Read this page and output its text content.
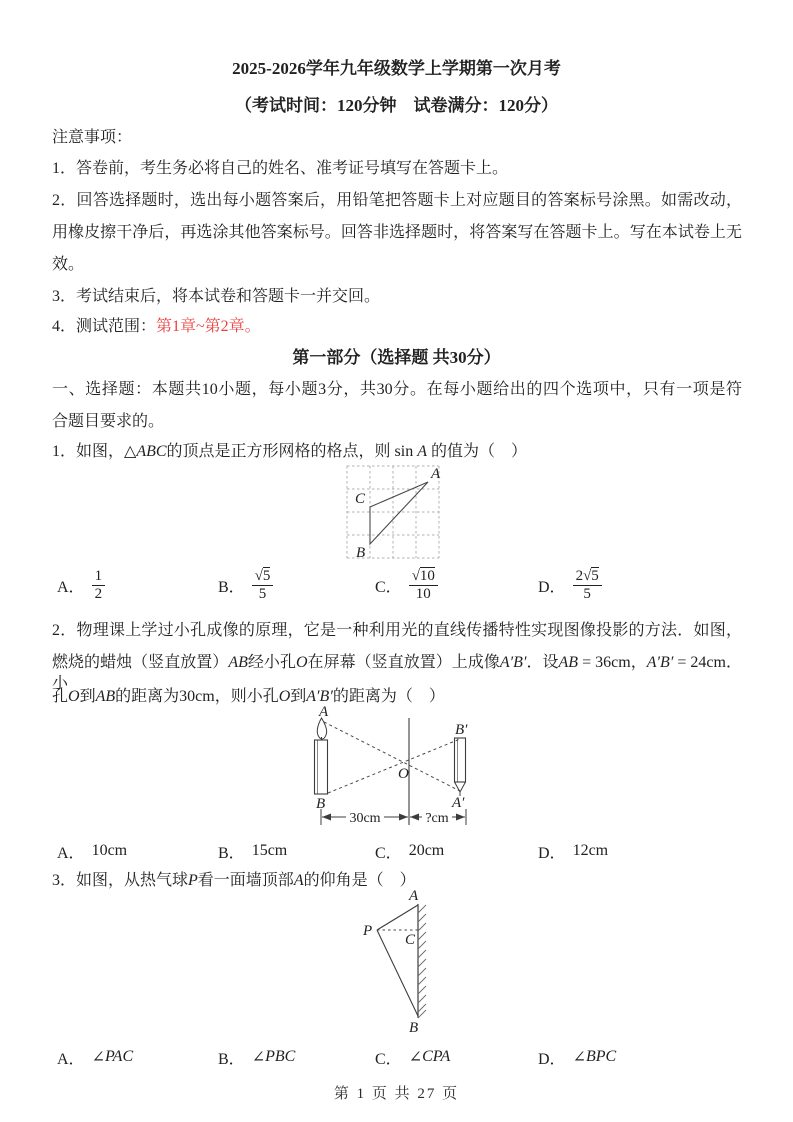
2025-2026学年九年级数学上学期第一次月考
（考试时间：120分钟　试卷满分：120分）
注意事项：
1．答卷前，考生务必将自己的姓名、准考证号填写在答题卡上。
2．回答选择题时，选出每小题答案后，用铅笔把答题卡上对应题目的答案标号涂黑。如需改动，
用橡皮擦干净后，再选涂其他答案标号。回答非选择题时，将答案写在答题卡上。写在本试卷上无
效。
3．考试结束后，将本试卷和答题卡一并交回。
4．测试范围：第1章~第2章。
第一部分（选择题 共30分）
一、选择题：本题共10小题，每小题3分，共30分。在每小题给出的四个选项中，只有一项是符
合题目要求的。
1．如图，△ABC的顶点是正方形网格的格点，则 sin A 的值为（　）
A
C
B
A． $\frac{1}{2}$	B． $\frac{√5}{5}$	C． $\frac{√10}{10}$	D． $\frac{2√5}{5}$
2．物理课上学过小孔成像的原理，它是一种利用光的直线传播特性实现图像投影的方法．如图，
燃烧的蜡烛（竖直放置）AB经小孔O在屏幕（竖直放置）上成像A′B′．设AB = 36cm，A′B′ = 24cm．小
孔O到AB的距离为30cm，则小孔O到A′B′的距离为（　）
30cm	?cm
A
B
O
B′
A′
A． 10cm	B． 15cm	C． 20cm	D． 12cm
3．如图，从热气球P看一面墙顶部A的仰角是（　）
A
P
C
B
A． ∠ PAC	B． ∠ PBC	C． ∠ CPA	D． ∠ BPC
第 1 页 共 27 页
